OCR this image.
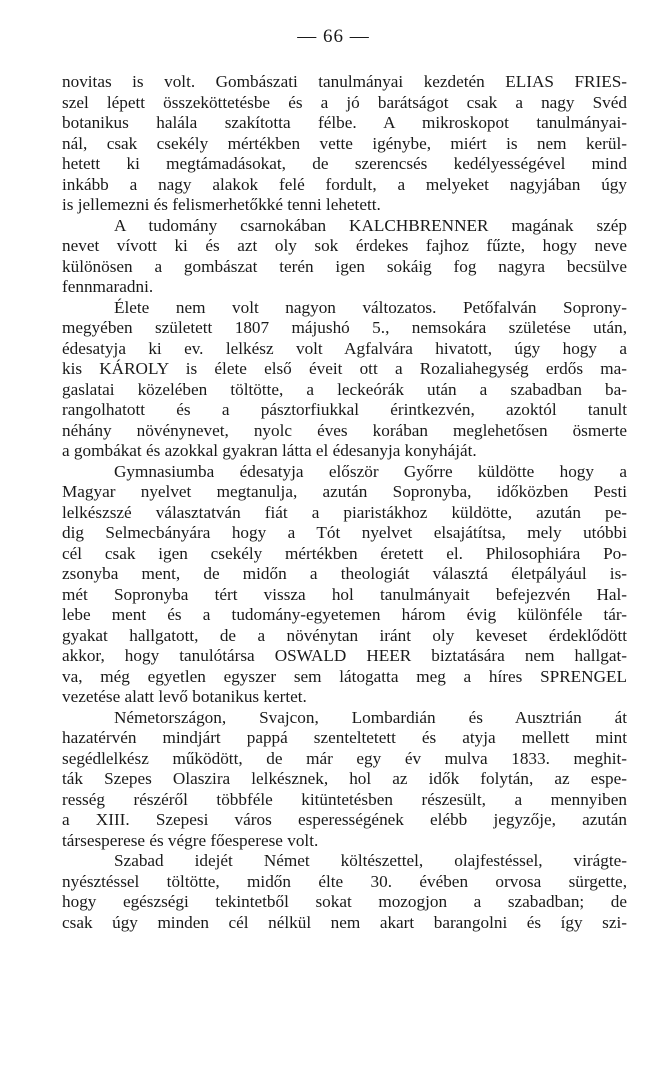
— 66 —
novitas is volt. Gombászati tanulmányai kezdetén ELIAS FRIES-
szel lépett összeköttetésbe és a jó barátságot csak a nagy Svéd
botanikus halála szakította félbe. A mikroskopot tanulmányai-
nál, csak csekély mértékben vette igénybe, miért is nem kerül-
hetett ki megtámadásokat, de szerencsés kedélyességével mind
inkább a nagy alakok felé fordult, a melyeket nagyjában úgy
is jellemezni és felismerhetőkké tenni lehetett.
A tudomány csarnokában KALCHBRENNER magának szép
nevet vívott ki és azt oly sok érdekes fajhoz fűzte, hogy neve
különösen a gombászat terén igen sokáig fog nagyra becsülve
fennmaradni.
Élete nem volt nagyon változatos. Petőfalván Soprony-
megyében született 1807 májushó 5., nemsokára születése után,
édesatyja ki ev. lelkész volt Agfalvára hivatott, úgy hogy a
kis KÁROLY is élete első éveit ott a Rozaliahegység erdős ma-
gaslatai közelében töltötte, a leckeórák után a szabadban ba-
rangolhatott és a pásztorfiukkal érintkezvén, azoktól tanult
néhány növénynevet, nyolc éves korában meglehetősen ösmerte
a gombákat és azokkal gyakran látta el édesanyja konyháját.
Gymnasiumba édesatyja először Győrre küldötte hogy a
Magyar nyelvet megtanulja, azután Sopronyba, időközben Pesti
lelkészszé választatván fiát a piaristákhoz küldötte, azután pe-
dig Selmecbányára hogy a Tót nyelvet elsajátítsa, mely utóbbi
cél csak igen csekély mértékben éretett el. Philosophiára Po-
zsonyba ment, de midőn a theologiát választá életpályául is-
mét Sopronyba tért vissza hol tanulmányait befejezvén Hal-
lebe ment és a tudomány-egyetemen három évig különféle tár-
gyakat hallgatott, de a növénytan iránt oly keveset érdeklődött
akkor, hogy tanulótársa OSWALD HEER biztatására nem hallgat-
va, még egyetlen egyszer sem látogatta meg a híres SPRENGEL
vezetése alatt levő botanikus kertet.
Németországon, Svajcon, Lombardián és Ausztrián át
hazatérvén mindjárt pappá szenteltetett és atyja mellett mint
segédlelkész működött, de már egy év mulva 1833. meghit-
ták Szepes Olaszira lelkésznek, hol az idők folytán, az espe-
resség részéről többféle kitüntetésben részesült, a mennyiben
a XIII. Szepesi város esperességének elébb jegyzője, azután
társesperese és végre főesperese volt.
Szabad idejét Német költészettel, olajfestéssel, virágte-
nyésztéssel töltötte, midőn élte 30. évében orvosa sürgette,
hogy egészségi tekintetből sokat mozogjon a szabadban; de
csak úgy minden cél nélkül nem akart barangolni és így szi-
